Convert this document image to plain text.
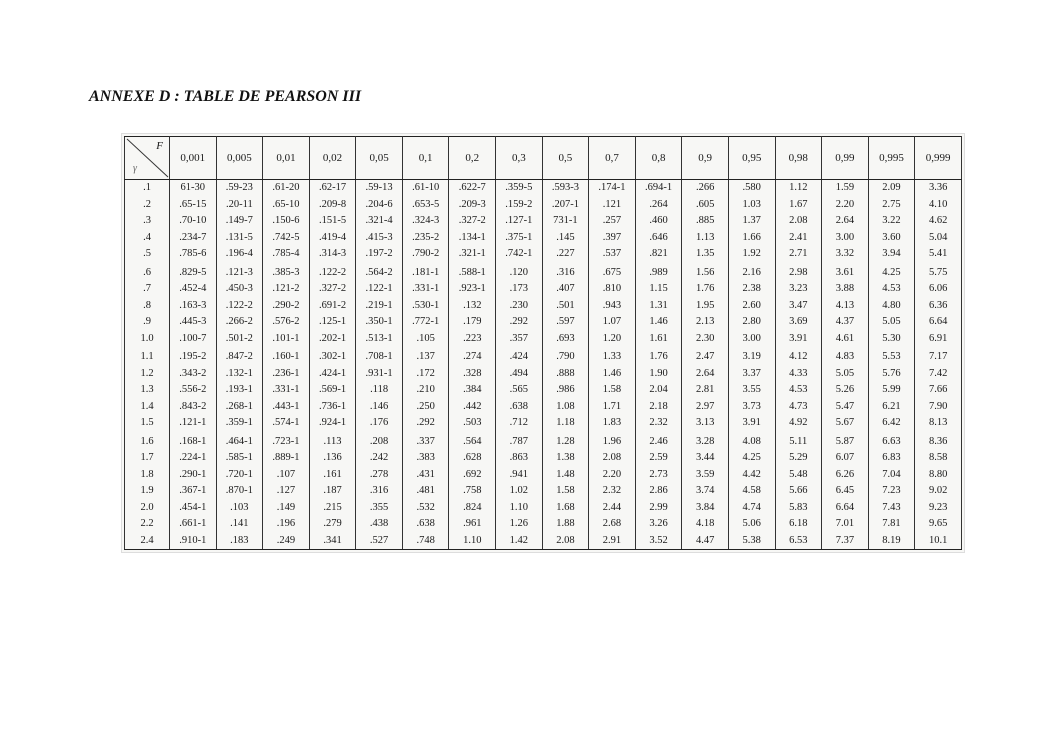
ANNEXE D : TABLE DE PEARSON III
F
γ	0,001	0,005	0,01	0,02	0,05	0,1	0,2	0,3	0,5	0,7	0,8	0,9	0,95	0,98	0,99	0,995	0,999
.1	61-30	.59-23	.61-20	.62-17	.59-13	.61-10	.622-7	.359-5	.593-3	.174-1	.694-1	.266	.580	1.12	1.59	2.09	3.36
.2	.65-15	.20-11	.65-10	.209-8	.204-6	.653-5	.209-3	.159-2	.207-1	.121	.264	.605	1.03	1.67	2.20	2.75	4.10
.3	.70-10	.149-7	.150-6	.151-5	.321-4	.324-3	.327-2	.127-1	731-1	.257	.460	.885	1.37	2.08	2.64	3.22	4.62
.4	.234-7	.131-5	.742-5	.419-4	.415-3	.235-2	.134-1	.375-1	.145	.397	.646	1.13	1.66	2.41	3.00	3.60	5.04
.5	.785-6	.196-4	.785-4	.314-3	.197-2	.790-2	.321-1	.742-1	.227	.537	.821	1.35	1.92	2.71	3.32	3.94	5.41
.6	.829-5	.121-3	.385-3	.122-2	.564-2	.181-1	.588-1	.120	.316	.675	.989	1.56	2.16	2.98	3.61	4.25	5.75
.7	.452-4	.450-3	.121-2	.327-2	.122-1	.331-1	.923-1	.173	.407	.810	1.15	1.76	2.38	3.23	3.88	4.53	6.06
.8	.163-3	.122-2	.290-2	.691-2	.219-1	.530-1	.132	.230	.501	.943	1.31	1.95	2.60	3.47	4.13	4.80	6.36
.9	.445-3	.266-2	.576-2	.125-1	.350-1	.772-1	.179	.292	.597	1.07	1.46	2.13	2.80	3.69	4.37	5.05	6.64
1.0	.100-7	.501-2	.101-1	.202-1	.513-1	.105	.223	.357	.693	1.20	1.61	2.30	3.00	3.91	4.61	5.30	6.91
1.1	.195-2	.847-2	.160-1	.302-1	.708-1	.137	.274	.424	.790	1.33	1.76	2.47	3.19	4.12	4.83	5.53	7.17
1.2	.343-2	.132-1	.236-1	.424-1	.931-1	.172	.328	.494	.888	1.46	1.90	2.64	3.37	4.33	5.05	5.76	7.42
1.3	.556-2	.193-1	.331-1	.569-1	.118	.210	.384	.565	.986	1.58	2.04	2.81	3.55	4.53	5.26	5.99	7.66
1.4	.843-2	.268-1	.443-1	.736-1	.146	.250	.442	.638	1.08	1.71	2.18	2.97	3.73	4.73	5.47	6.21	7.90
1.5	.121-1	.359-1	.574-1	.924-1	.176	.292	.503	.712	1.18	1.83	2.32	3.13	3.91	4.92	5.67	6.42	8.13
1.6	.168-1	.464-1	.723-1	.113	.208	.337	.564	.787	1.28	1.96	2.46	3.28	4.08	5.11	5.87	6.63	8.36
1.7	.224-1	.585-1	.889-1	.136	.242	.383	.628	.863	1.38	2.08	2.59	3.44	4.25	5.29	6.07	6.83	8.58
1.8	.290-1	.720-1	.107	.161	.278	.431	.692	.941	1.48	2.20	2.73	3.59	4.42	5.48	6.26	7.04	8.80
1.9	.367-1	.870-1	.127	.187	.316	.481	.758	1.02	1.58	2.32	2.86	3.74	4.58	5.66	6.45	7.23	9.02
2.0	.454-1	.103	.149	.215	.355	.532	.824	1.10	1.68	2.44	2.99	3.84	4.74	5.83	6.64	7.43	9.23
2.2	.661-1	.141	.196	.279	.438	.638	.961	1.26	1.88	2.68	3.26	4.18	5.06	6.18	7.01	7.81	9.65
2.4	.910-1	.183	.249	.341	.527	.748	1.10	1.42	2.08	2.91	3.52	4.47	5.38	6.53	7.37	8.19	10.1
